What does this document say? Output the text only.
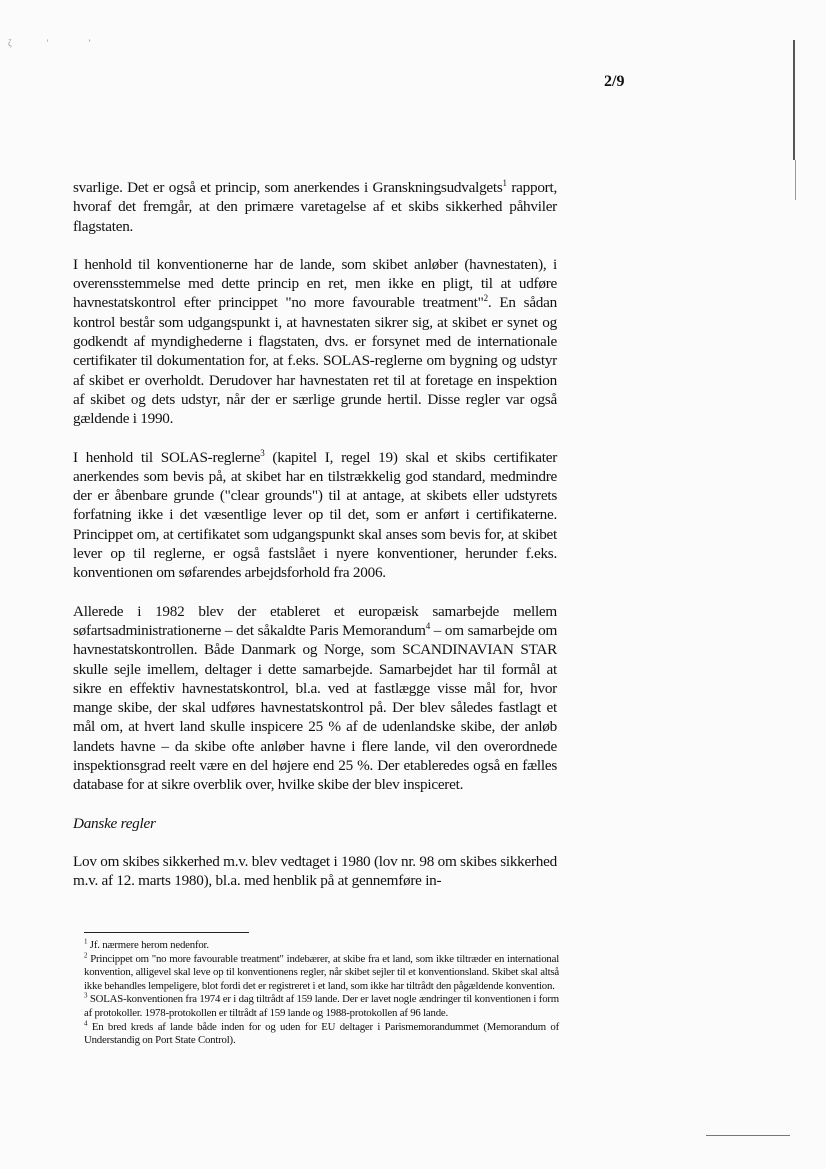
ζ	ʼ	ʼ
2/9

svarlige. Det er også et princip, som anerkendes i Granskningsudvalgets$^1$ rapport, hvoraf det fremgår, at den primære varetagelse af et skibs sikkerhed påhviler flagstaten.

I henhold til konventionerne har de lande, som skibet anløber (havnestaten), i overensstemmelse med dette princip en ret, men ikke en pligt, til at udføre havnestatskontrol efter princippet "no more favourable treatment"$^2$. En sådan kontrol består som udgangspunkt i, at havnestaten sikrer sig, at skibet er synet og godkendt af myndighederne i flagstaten, dvs. er forsynet med de internationale certifikater til dokumentation for, at f.eks. SOLAS-reglerne om bygning og udstyr af skibet er overholdt. Derudover har havnestaten ret til at foretage en inspektion af skibet og dets udstyr, når der er særlige grunde hertil. Disse regler var også gældende i 1990.

I henhold til SOLAS-reglerne$^3$ (kapitel I, regel 19) skal et skibs certifikater anerkendes som bevis på, at skibet har en tilstrækkelig god standard, medmindre der er åbenbare grunde ("clear grounds") til at antage, at skibets eller udstyrets forfatning ikke i det væsentlige lever op til det, som er anført i certifikaterne. Princippet om, at certifikatet som udgangspunkt skal anses som bevis for, at skibet lever op til reglerne, er også fastslået i nyere konventioner, herunder f.eks. konventionen om søfarendes arbejdsforhold fra 2006.

Allerede i 1982 blev der etableret et europæisk samarbejde mellem søfartsadministrationerne – det såkaldte Paris Memorandum$^4$ – om samarbejde om havnestatskontrollen. Både Danmark og Norge, som SCANDINAVIAN STAR skulle sejle imellem, deltager i dette samarbejde. Samarbejdet har til formål at sikre en effektiv havnestatskontrol, bl.a. ved at fastlægge visse mål for, hvor mange skibe, der skal udføres havnestatskontrol på. Der blev således fastlagt et mål om, at hvert land skulle inspicere 25 % af de udenlandske skibe, der anløb landets havne – da skibe ofte anløber havne i flere lande, vil den overordnede inspektionsgrad reelt være en del højere end 25 %. Der etableredes også en fælles database for at sikre overblik over, hvilke skibe der blev inspiceret.

Danske regler

Lov om skibes sikkerhed m.v. blev vedtaget i 1980 (lov nr. 98 om skibes sikkerhed m.v. af 12. marts 1980), bl.a. med henblik på at gennemføre in-

$^1$ Jf. nærmere herom nedenfor.

$^2$ Princippet om "no more favourable treatment" indebærer, at skibe fra et land, som ikke tiltræder en international konvention, alligevel skal leve op til konventionens regler, når skibet sejler til et konventionsland. Skibet skal altså ikke behandles lempeligere, blot fordi det er registreret i et land, som ikke har tiltrådt den pågældende konvention.

$^3$ SOLAS-konventionen fra 1974 er i dag tiltrådt af 159 lande. Der er lavet nogle ændringer til konventionen i form af protokoller. 1978-protokollen er tiltrådt af 159 lande og 1988-protokollen af 96 lande.

$^4$ En bred kreds af lande både inden for og uden for EU deltager i Parismemorandummet (Memorandum of Understandig on Port State Control).
